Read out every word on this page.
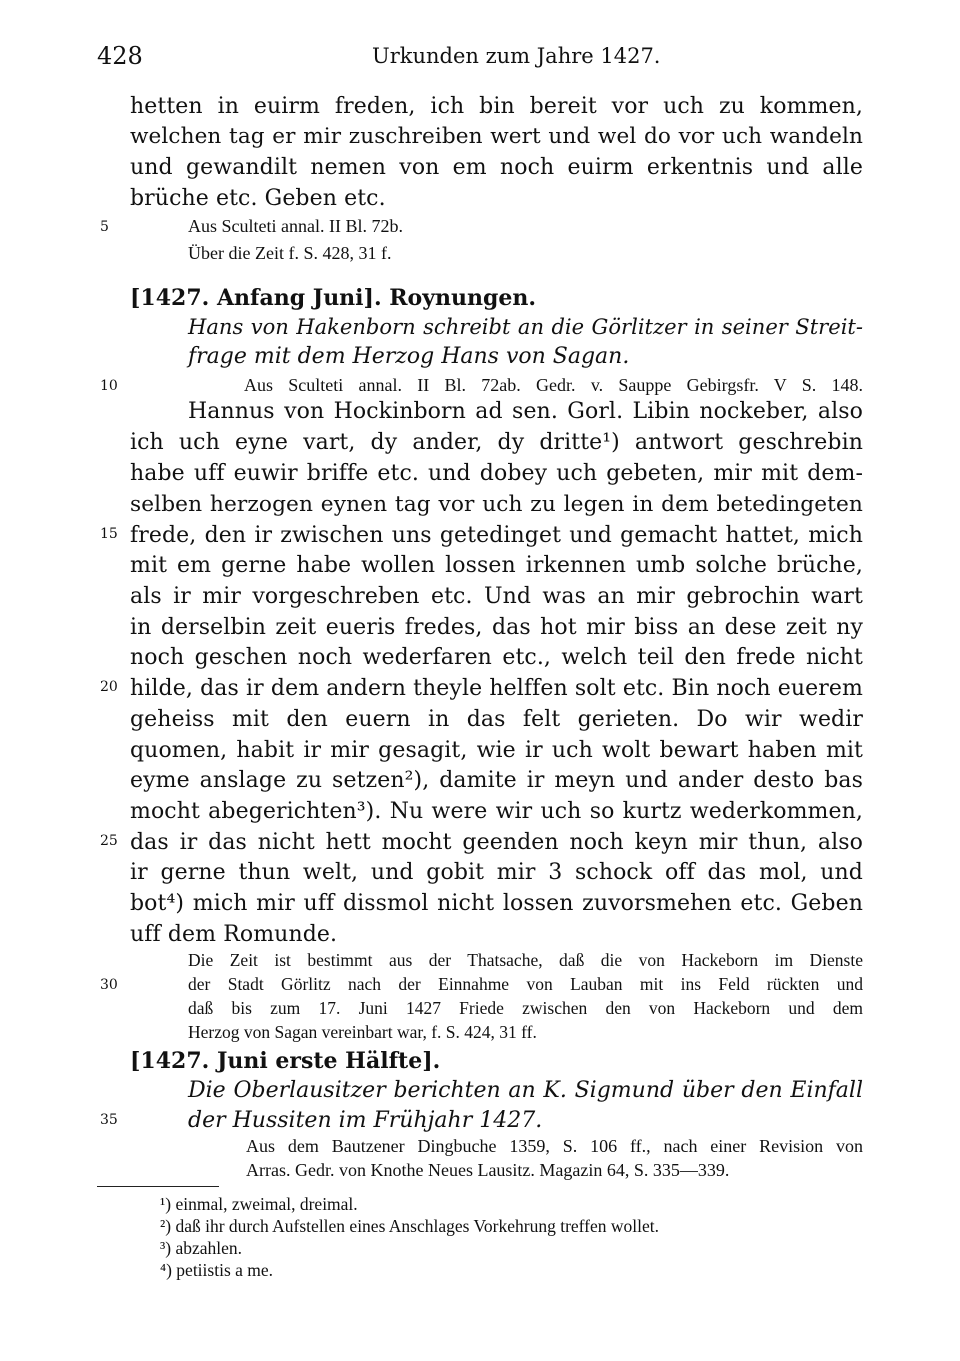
428	Urkunden zum Jahre 1427.
hetten in euirm freden, ich bin bereit vor uch zu kommen,
welchen tag er mir zuschreiben wert und wel do vor uch wandeln
und gewandilt nemen von em noch euirm erkentnis und alle
brüche etc. Geben etc.
5	Aus Sculteti annal. II Bl. 72b.
Über die Zeit f. S. 428, 31 f.
[1427. Anfang Juni]. Roynungen.
Hans von Hakenborn schreibt an die Görlitzer in seiner Streit-
frage mit dem Herzog Hans von Sagan.
10	Aus Sculteti annal. II Bl. 72ab. Gedr. v. Sauppe Gebirgsfr. V S. 148.
Hannus von Hockinborn ad sen. Gorl. Libin nockeber, also
ich uch eyne vart, dy ander, dy dritte¹) antwort geschrebin
habe uff euwir briffe etc. und dobey uch gebeten, mir mit dem-
selben herzogen eynen tag vor uch zu legen in dem betedingeten
15 frede, den ir zwischen uns getedinget und gemacht hattet, mich
mit em gerne habe wollen lossen irkennen umb solche brüche,
als ir mir vorgeschreben etc. Und was an mir gebrochin wart
in derselbin zeit eueris fredes, das hot mir biss an dese zeit ny
noch geschen noch wederfaren etc., welch teil den frede nicht
20 hilde, das ir dem andern theyle helffen solt etc. Bin noch euerem
geheiss mit den euern in das felt gerieten. Do wir wedir
quomen, habit ir mir gesagit, wie ir uch wolt bewart haben mit
eyme anslage zu setzen²), damite ir meyn und ander desto bas
mocht abegerichten³). Nu were wir uch so kurtz wederkommen,
25 das ir das nicht hett mocht geenden noch keyn mir thun, also
ir gerne thun welt, und gobit mir 3 schock off das mol, und
bot⁴) mich mir uff dissmol nicht lossen zuvorsmehen etc. Geben
uff dem Romunde.
Die Zeit ist bestimmt aus der Thatsache, daß die von Hackeborn im Dienste
30	der Stadt Görlitz nach der Einnahme von Lauban mit ins Feld rückten und
daß bis zum 17. Juni 1427 Friede zwischen den von Hackeborn und dem
Herzog von Sagan vereinbart war, f. S. 424, 31 ff.
[1427. Juni erste Hälfte].
Die Oberlausitzer berichten an K. Sigmund über den Einfall
35	der Hussiten im Frühjahr 1427.
Aus dem Bautzener Dingbuche 1359, S. 106 ff., nach einer Revision von
Arras. Gedr. von Knothe Neues Lausitz. Magazin 64, S. 335—339.
¹) einmal, zweimal, dreimal.
²) daß ihr durch Aufstellen eines Anschlages Vorkehrung treffen wollet.
³) abzahlen.
⁴) petiistis a me.
